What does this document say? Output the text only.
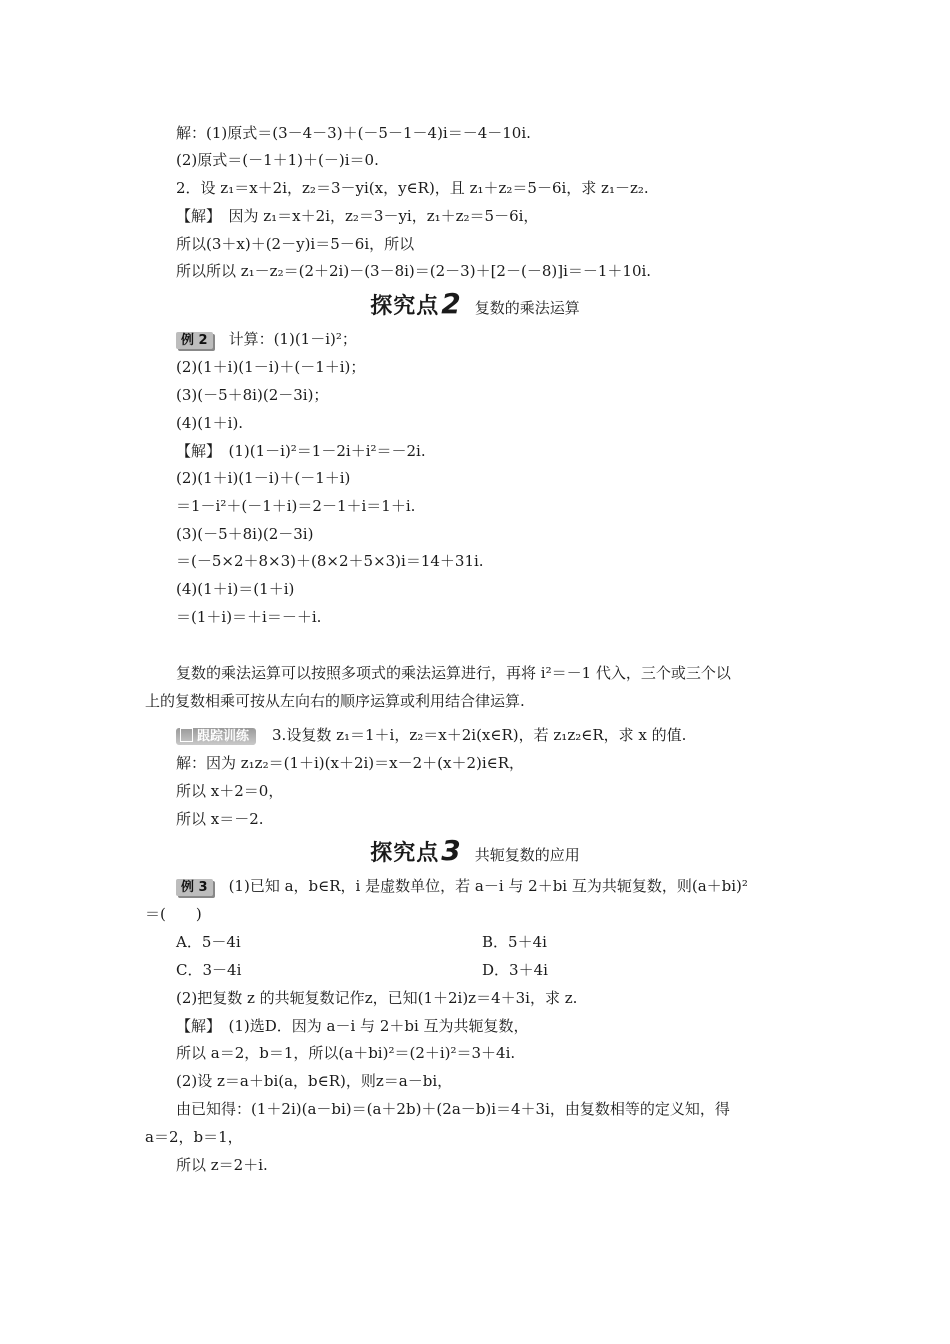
解：(1)原式＝(3－4－3)＋(－5－1－4)i＝－4－10i.
(2)原式＝(－1＋1)＋(－)i＝0.
2．设 z₁＝x＋2i，z₂＝3－yi(x，y∈R)，且 z₁＋z₂＝5－6i，求 z₁－z₂.
【解】　因为 z₁＝x＋2i，z₂＝3－yi，z₁＋z₂＝5－6i，
所以(3＋x)＋(2－y)i＝5－6i，所以
所以所以 z₁－z₂＝(2＋2i)－(3－8i)＝(2－3)＋[2－(－8)]i＝－1＋10i.
探究点2 复数的乘法运算
例 2 计算：(1)(1－i)²；
(2)(1＋i)(1－i)＋(－1＋i)；
(3)(－5＋8i)(2－3i)；
(4)(1＋i).
【解】　(1)(1－i)²＝1－2i＋i²＝－2i.
(2)(1＋i)(1－i)＋(－1＋i)
＝1－i²＋(－1＋i)＝2－1＋i＝1＋i.
(3)(－5＋8i)(2－3i)
＝(－5×2＋8×3)＋(8×2＋5×3)i＝14＋31i.
(4)(1＋i)＝(1＋i)
＝(1＋i)＝＋i＝－＋i.
复数的乘法运算可以按照多项式的乘法运算进行，再将 i²＝－1 代入，三个或三个以
上的复数相乘可按从左向右的顺序运算或利用结合律运算.
跟踪训练 3.设复数 z₁＝1＋i，z₂＝x＋2i(x∈R)，若 z₁z₂∈R，求 x 的值.
解：因为 z₁z₂＝(1＋i)(x＋2i)＝x－2＋(x＋2)i∈R，
所以 x＋2＝0，
所以 x＝－2.
探究点3 共轭复数的应用
例 3 (1)已知 a，b∈R，i 是虚数单位，若 a－i 与 2＋bi 互为共轭复数，则(a＋bi)²
＝(　　)
A．5－4i	B．5＋4i
C．3－4i	D．3＋4i
(2)把复数 z 的共轭复数记作z，已知(1＋2i)z＝4＋3i，求 z.
【解】　(1)选D．因为 a－i 与 2＋bi 互为共轭复数，
所以 a＝2，b＝1，所以(a＋bi)²＝(2＋i)²＝3＋4i.
(2)设 z＝a＋bi(a，b∈R)，则z＝a－bi，
由已知得：(1＋2i)(a－bi)＝(a＋2b)＋(2a－b)i＝4＋3i，由复数相等的定义知，得
a＝2，b＝1，
所以 z＝2＋i.
